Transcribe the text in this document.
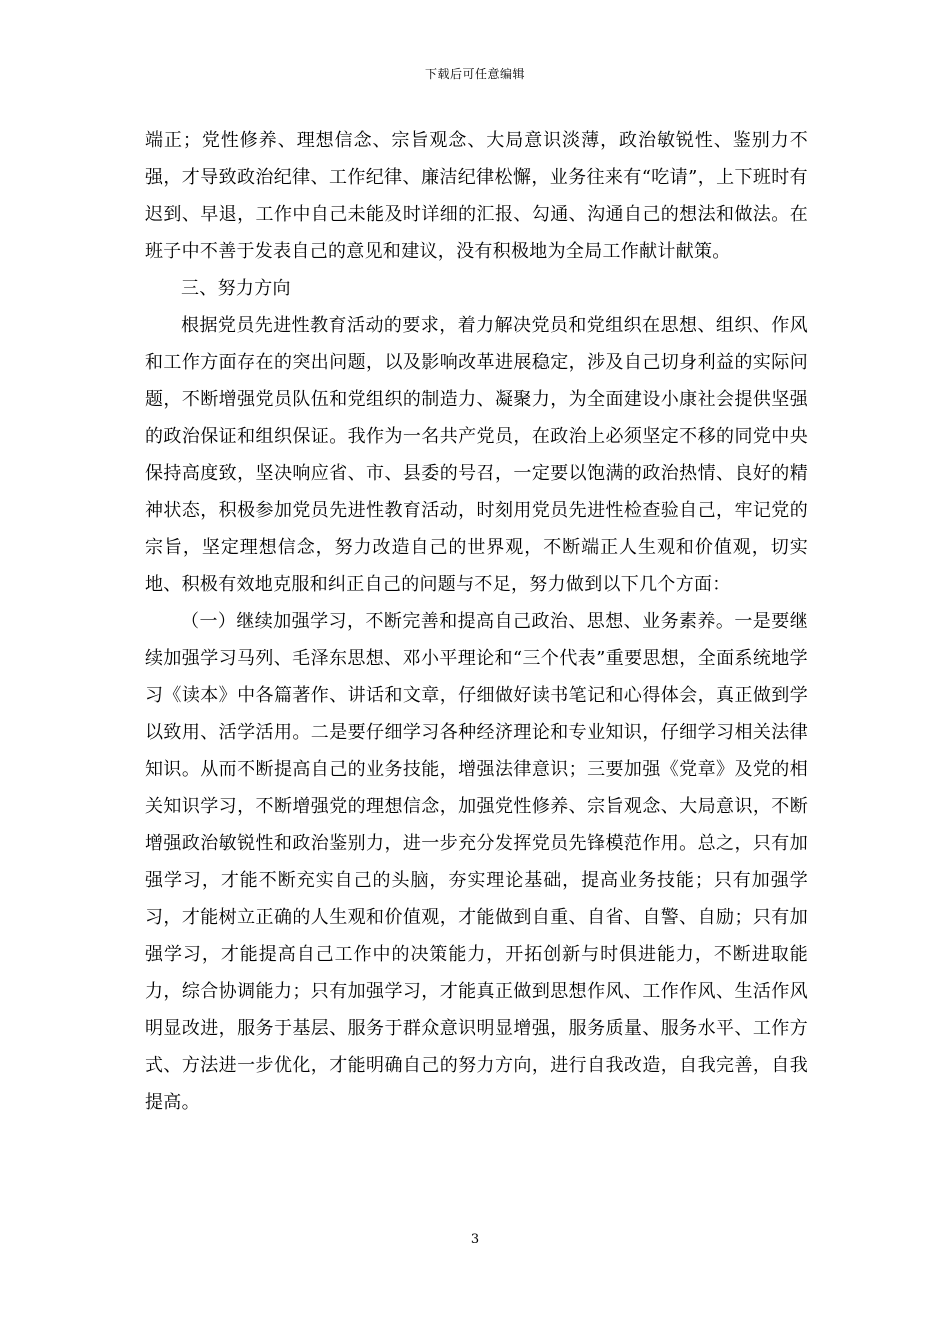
下载后可任意编辑

端正；党性修养、理想信念、宗旨观念、大局意识淡薄，政治敏锐性、鉴别力不强，才导致政治纪律、工作纪律、廉洁纪律松懈，业务往来有“吃请”，上下班时有迟到、早退，工作中自己未能及时详细的汇报、勾通、沟通自己的想法和做法。在班子中不善于发表自己的意见和建议，没有积极地为全局工作献计献策。

三、努力方向

根据党员先进性教育活动的要求，着力解决党员和党组织在思想、组织、作风和工作方面存在的突出问题，以及影响改革进展稳定，涉及自己切身利益的实际问题，不断增强党员队伍和党组织的制造力、凝聚力，为全面建设小康社会提供坚强的政治保证和组织保证。我作为一名共产党员，在政治上必须坚定不移的同党中央保持高度致，坚决响应省、市、县委的号召，一定要以饱满的政治热情、良好的精神状态，积极参加党员先进性教育活动，时刻用党员先进性检查验自己，牢记党的宗旨，坚定理想信念，努力改造自己的世界观，不断端正人生观和价值观，切实地、积极有效地克服和纠正自己的问题与不足，努力做到以下几个方面：

（一）继续加强学习，不断完善和提高自己政治、思想、业务素养。一是要继续加强学习马列、毛泽东思想、邓小平理论和“三个代表”重要思想，全面系统地学习《读本》中各篇著作、讲话和文章，仔细做好读书笔记和心得体会，真正做到学以致用、活学活用。二是要仔细学习各种经济理论和专业知识，仔细学习相关法律知识。从而不断提高自己的业务技能，增强法律意识；三要加强《党章》及党的相关知识学习，不断增强党的理想信念，加强党性修养、宗旨观念、大局意识，不断增强政治敏锐性和政治鉴别力，进一步充分发挥党员先锋模范作用。总之，只有加强学习，才能不断充实自己的头脑，夯实理论基础，提高业务技能；只有加强学习，才能树立正确的人生观和价值观，才能做到自重、自省、自警、自励；只有加强学习，才能提高自己工作中的决策能力，开拓创新与时俱进能力，不断进取能力，综合协调能力；只有加强学习，才能真正做到思想作风、工作作风、生活作风明显改进，服务于基层、服务于群众意识明显增强，服务质量、服务水平、工作方式、方法进一步优化，才能明确自己的努力方向，进行自我改造，自我完善，自我提高。

3
